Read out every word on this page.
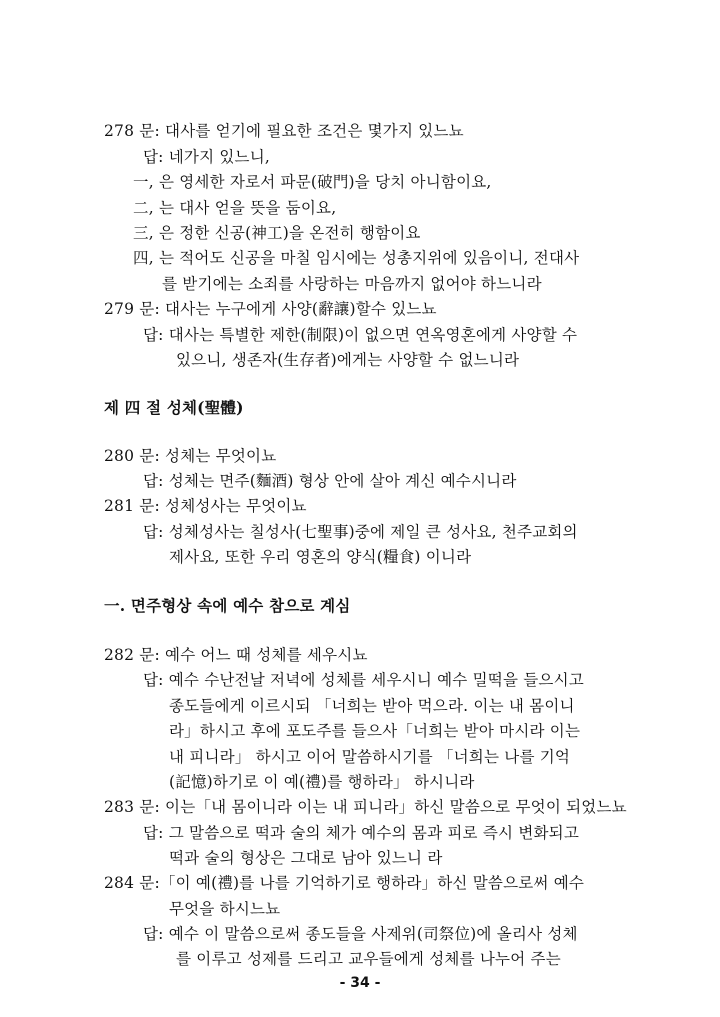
278 문: 대사를 얻기에 필요한 조건은 몇가지 있느뇨
답: 네가지 있느니,
一, 은 영세한 자로서 파문(破門)을 당치 아니함이요,
二, 는 대사 얻을 뜻을 둠이요,
三, 은 정한 신공(神工)을 온전히 행함이요
四, 는 적어도 신공을 마칠 임시에는 성총지위에 있음이니, 전대사
를 받기에는 소죄를 사랑하는 마음까지 없어야 하느니라
279 문: 대사는 누구에게 사양(辭讓)할수 있느뇨
답: 대사는 특별한 제한(制限)이 없으면 연옥영혼에게 사양할 수
있으니, 생존자(生存者)에게는 사양할 수 없느니라
제 四 절 성체(聖體)
280 문: 성체는 무엇이뇨
답: 성체는 면주(麵酒) 형상 안에 살아 계신 예수시니라
281 문: 성체성사는 무엇이뇨
답: 성체성사는 칠성사(七聖事)중에 제일 큰 성사요, 천주교회의
제사요, 또한 우리 영혼의 양식(糧食) 이니라
一. 면주형상 속에 예수 참으로 계심
282 문: 예수 어느 때 성체를 세우시뇨
답: 예수 수난전날 저녁에 성체를 세우시니 예수 밀떡을 들으시고
종도들에게 이르시되 「너희는 받아 먹으라. 이는 내 몸이니
라」하시고 후에 포도주를 들으사「너희는 받아 마시라 이는
내 피니라」 하시고 이어 말씀하시기를 「너희는 나를 기억
(記憶)하기로 이 예(禮)를 행하라」 하시니라
283 문: 이는「내 몸이니라 이는 내 피니라」하신 말씀으로 무엇이 되었느뇨
답: 그 말씀으로 떡과 술의 체가 예수의 몸과 피로 즉시 변화되고
떡과 술의 형상은 그대로 남아 있느니 라
284 문:「이 예(禮)를 나를 기억하기로 행하라」하신 말씀으로써 예수
무엇을 하시느뇨
답: 예수 이 말씀으로써 종도들을 사제위(司祭位)에 올리사 성체
를 이루고 성제를 드리고 교우들에게 성체를 나누어 주는
- 34 -
